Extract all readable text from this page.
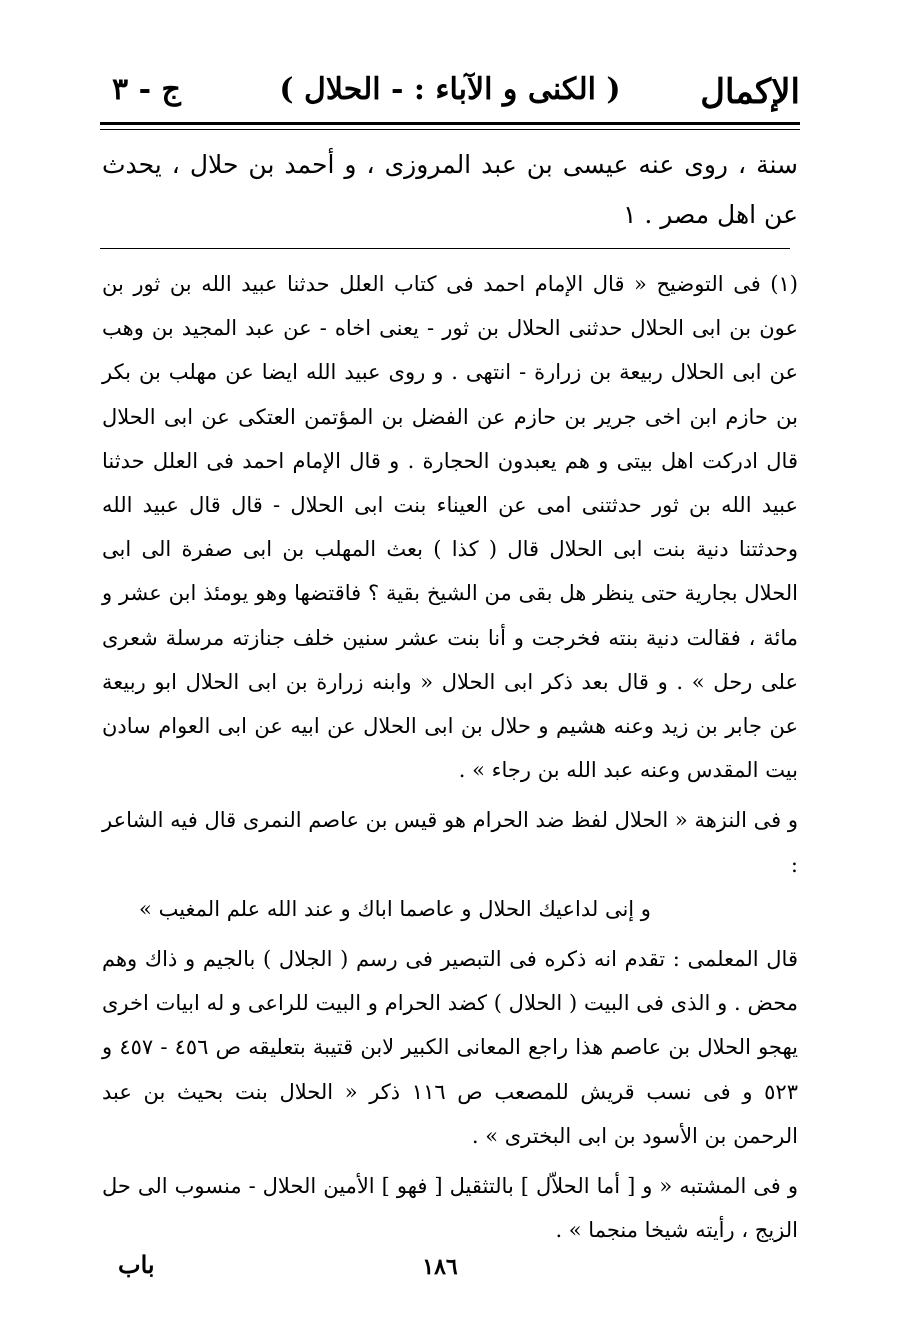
الإكمال
( الكنى و الآباء : - الحلال )
ج - ٣
سنة ، روى عنه عيسى بن عبد المروزى ، و أحمد بن حلال ، يحدث عن اهل مصر . ١

(١) فى التوضيح « قال الإمام احمد فى كتاب العلل حدثنا عبيد الله بن ثور بن عون بن ابى الحلال حدثنى الحلال بن ثور - يعنى اخاه - عن عبد المجيد بن وهب عن ابى الحلال ربيعة بن زرارة - انتهى . و روى عبيد الله ايضا عن مهلب بن بكر بن حازم ابن اخى جرير بن حازم عن الفضل بن المؤتمن العتكى عن ابى الحلال قال ادركت اهل بيتى و هم يعبدون الحجارة . و قال الإمام احمد فى العلل حدثنا عبيد الله بن ثور حدثتنى امى عن العيناء بنت ابى الحلال - قال قال عبيد الله وحدثتنا دنية بنت ابى الحلال قال ( كذا ) بعث المهلب بن ابى صفرة الى ابى الحلال بجارية حتى ينظر هل بقى من الشيخ بقية ؟ فاقتضها وهو يومئذ ابن عشر و مائة ، فقالت دنية بنته فخرجت و أنا بنت عشر سنين خلف جنازته مرسلة شعرى على رحل » . و قال بعد ذكر ابى الحلال « وابنه زرارة بن ابى الحلال ابو ربيعة عن جابر بن زيد وعنه هشيم و حلال بن ابى الحلال عن ابيه عن ابى العوام سادن بيت المقدس وعنه عبد الله بن رجاء » .

و فى النزهة « الحلال لفظ ضد الحرام هو قيس بن عاصم النمرى قال فيه الشاعر :

و إنى لداعيك الحلال و عاصما اباك و عند الله علم المغيب »

قال المعلمى : تقدم انه ذكره فى التبصير فى رسم ( الجلال ) بالجيم و ذاك وهم محض . و الذى فى البيت ( الحلال ) كضد الحرام و البيت للراعى و له ابيات اخرى يهجو الحلال بن عاصم هذا راجع المعانى الكبير لابن قتيبة بتعليقه ص ٤٥٦ - ٤٥٧ و ٥٢٣ و فى نسب قريش للمصعب ص ١١٦ ذكر « الحلال بنت بحيث بن عبد الرحمن بن الأسود بن ابى البخترى » .

و فى المشتبه « و [ أما الحلاّل ] بالتثقيل [ فهو ] الأمين الحلال - منسوب الى حل الزيج ، رأيته شيخا منجما » .

باب	١٨٦
